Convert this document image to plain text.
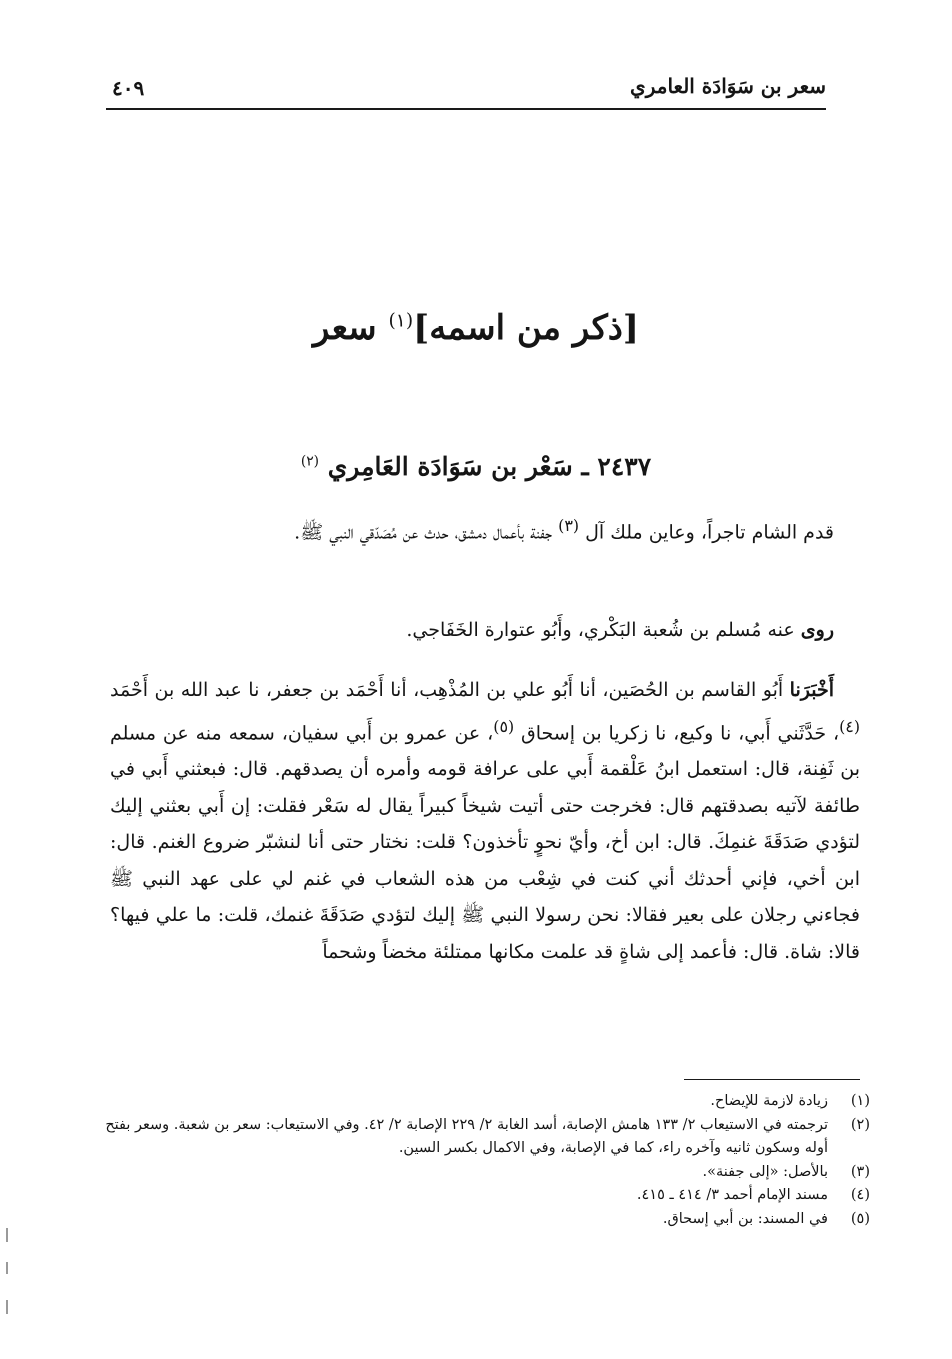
سعر بن سَوَادَة العامري
٤٠٩
[ذكر من اسمه]$^{(١)}$ سعر
٢٤٣٧ ـ سَعْر بن سَوَادَة العَامِري $^{(٢)}$

قدم الشام تاجراً، وعاين ملك آل $^{(٣)}$ جفنة بأعمال دمشق، حدث عن مُصَدّقي النبي ﷺ.

روى عنه مُسلم بن شُعبة البَكْري، وأَبُو عتوارة الخَفَاجي.

أَخْبَرَنا أَبُو القاسم بن الحُصَين، أنا أَبُو علي بن المُذْهِب، أنا أَحْمَد بن جعفر، نا عبد الله بن أَحْمَد $^{(٤)}$، حَدَّثَني أَبي، نا وكيع، نا زكريا بن إسحاق $^{(٥)}$، عن عمرو بن أَبي سفيان، سمعه منه عن مسلم بن ثَفِنة، قال: استعمل ابنُ عَلْقمة أَبي على عرافة قومه وأمره أن يصدقهم. قال: فبعثني أَبي في طائفة لآتيه بصدقتهم قال: فخرجت حتى أتيت شيخاً كبيراً يقال له سَعْر فقلت: إن أَبي بعثني إليك لتؤدي صَدَقَةَ غنمِكَ. قال: ابن أخ، وأيّ نحوٍ تأخذون؟ قلت: نختار حتى أنا لنشبّر ضروع الغنم. قال: ابن أخي، فإني أحدثك أني كنت في شِعْب من هذه الشعاب في غنم لي على عهد النبي ﷺ فجاءني رجلان على بعير فقالا: نحن رسولا النبي ﷺ إليك لتؤدي صَدَقَةَ غنمك، قلت: ما علي فيها؟ قالا: شاة. قال: فأعمد إلى شاةٍ قد علمت مكانها ممتلئة مخضاً وشحماً

(١)
زيادة لازمة للإيضاح.
(٢)
ترجمته في الاستيعاب ٢/ ١٣٣ هامش الإصابة، أسد الغابة ٢/ ٢٢٩ الإصابة ٢/ ٤٢. وفي الاستيعاب: سعر بن شعبة. وسعر بفتح أوله وسكون ثانيه وآخره راء، كما في الإصابة، وفي الاكمال بكسر السين.
(٣)
بالأصل: «إلى جفنة».
(٤)
مسند الإمام أحمد ٣/ ٤١٤ ـ ٤١٥.
(٥)
في المسند: بن أبي إسحاق.
